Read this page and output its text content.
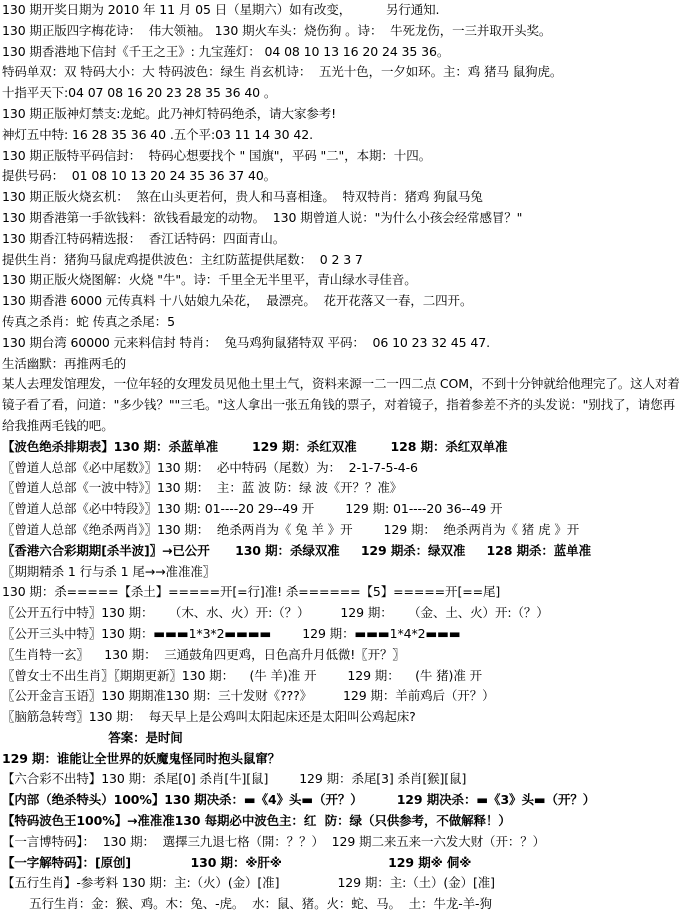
130 期开奖日期为 2010 年 11 月 05 日（星期六）如有改变，         另行通知.
130 期正版四字梅花诗：  伟大领袖。 130 期火车头：烧伤狗 。诗：  牛死龙伤，一三并取开头奖。
130 期香港地下信封《千王之王》: 九宝莲灯： 04 08 10 13 16 20 24 35 36。
特码单双：双 特码大小：大 特码波色：绿生 肖玄机诗：  五光十色，一夕如环。主：鸡 猪马 鼠狗虎。
十指平天下:04 07 08 16 20 23 28 35 36 40 。
130 期正版神灯禁支:龙蛇。此乃神灯特码绝杀，请大家参考!
神灯五中特: 16 28 35 36 40 .五个平:03 11 14 30 42.
130 期正版特平码信封：  特码心想要找个 " 国旗"，平码 "二"，本期：十四。
提供号码：  01 08 10 13 20 24 35 36 37 40。
130 期正版火烧玄机：  煞在山头更若何，贵人和马喜相逢。  特双特肖：猪鸡 狗鼠马兔
130 期香港第一手欲钱料：欲钱看最宠的动物。  130 期曾道人说："为什么小孩会经常感冒？"
130 期香江特码精选报：  香江话特码：四面青山。
提供生肖：猪狗马鼠虎鸡提供波色：主红防蓝提供尾数：  0 2 3 7
130 期正版火烧图解：火烧 "牛"。诗：千里全无半里平，青山绿水寻佳音。
130 期香港 6000 元传真料 十八姑娘九朵花，  最漂亮。  花开花落又一春，二四开。
传真之杀肖：蛇 传真之杀尾：5
130 期台湾 60000 元来料信封 特肖：  兔马鸡狗鼠猪特双 平码：  06 10 23 32 45 47.
生活幽默：再推两毛的
某人去理发馆理发，一位年轻的女理发员见他土里土气，资料来源一二一四二点 COM，不到十分钟就给他理完了。这人对着镜子看了看，问道："多少钱？""三毛。"这人拿出一张五角钱的票子，对着镜子，指着参差不齐的头发说："别找了，请您再给我推两毛钱的吧。
【波色绝杀排期表】130 期：杀蓝单准        129 期：杀红双准        128 期：杀红双单准
〖曾道人总部《必中尾数》〗130 期：  必中特码（尾数）为：  2-1-7-5-4-6
〖曾道人总部《一波中特》〗130 期：  主：蓝 波 防：绿 波《开？？准》
〖曾道人总部《必中特段》〗130 期: 01----20 29--49 开        129 期: 01----20 36--49 开
〖曾道人总部《绝杀两肖》〗130 期：  绝杀两肖为《 兔 羊 》开        129 期：  绝杀两肖为《 猪 虎 》开
〖香港六合彩期期[杀半波]〗→已公开      130 期：杀绿双准     129 期杀：绿双准     128 期杀：蓝单准
〖期期精杀 1 行与杀 1 尾→→准准准〗
130 期：杀=====【杀土】=====开[=行]准! 杀======【5】=====开[==尾]
〖公开五行中特〗130 期：    （木、水、火）开:（？）        129 期：    （金、土、火）开:（？）
〖公开三头中特〗130 期：▬▬▬1*3*2▬▬▬▬        129 期：▬▬▬1*4*2▬▬▬
〖生肖特一玄〗    130 期：  三通鼓角四更鸡，日色高升月低微!〖开？〗
〖曾女士不出生肖〗〖期期更新〗130 期：    (牛 羊)准 开        129 期：    (牛 猪)准 开
〖公开金言玉语〗130 期期准130 期：三十发财《???》        129 期：羊前鸡后（开？）
〖脑筋急转弯〗130 期：  每天早上是公鸡叫太阳起床还是太阳叫公鸡起床?
答案：是时间
129 期：谁能让全世界的妖魔鬼怪同时抱头鼠窜？
【六合彩不出特】130 期：杀尾[0] 杀肖[牛][鼠]        129 期：杀尾[3] 杀肖[猴][鼠]
【内部（绝杀特头）100%】130 期决杀：▬《4》头▬（开？）        129 期决杀：▬《3》头▬（开？）
【特码波色王100%】→准准准130 每期必中波色主：红  防：绿（只供参考，不做解释！）
【一言博特码】：  130 期：  選擇三九退七格（開：？？）  129 期二来五来一六发大财（开：？）
【一字解特码】：[原创]              130 期：※肝※                         129 期※ 侗※
【五行生肖】-参考料 130 期：主:（火）(金）[准]               129 期：主:（土）(金）[准]
五行生肖：金：猴、鸡。木：兔、-虎。  水：鼠、猪。火：蛇、马。  土：牛龙-羊-狗
